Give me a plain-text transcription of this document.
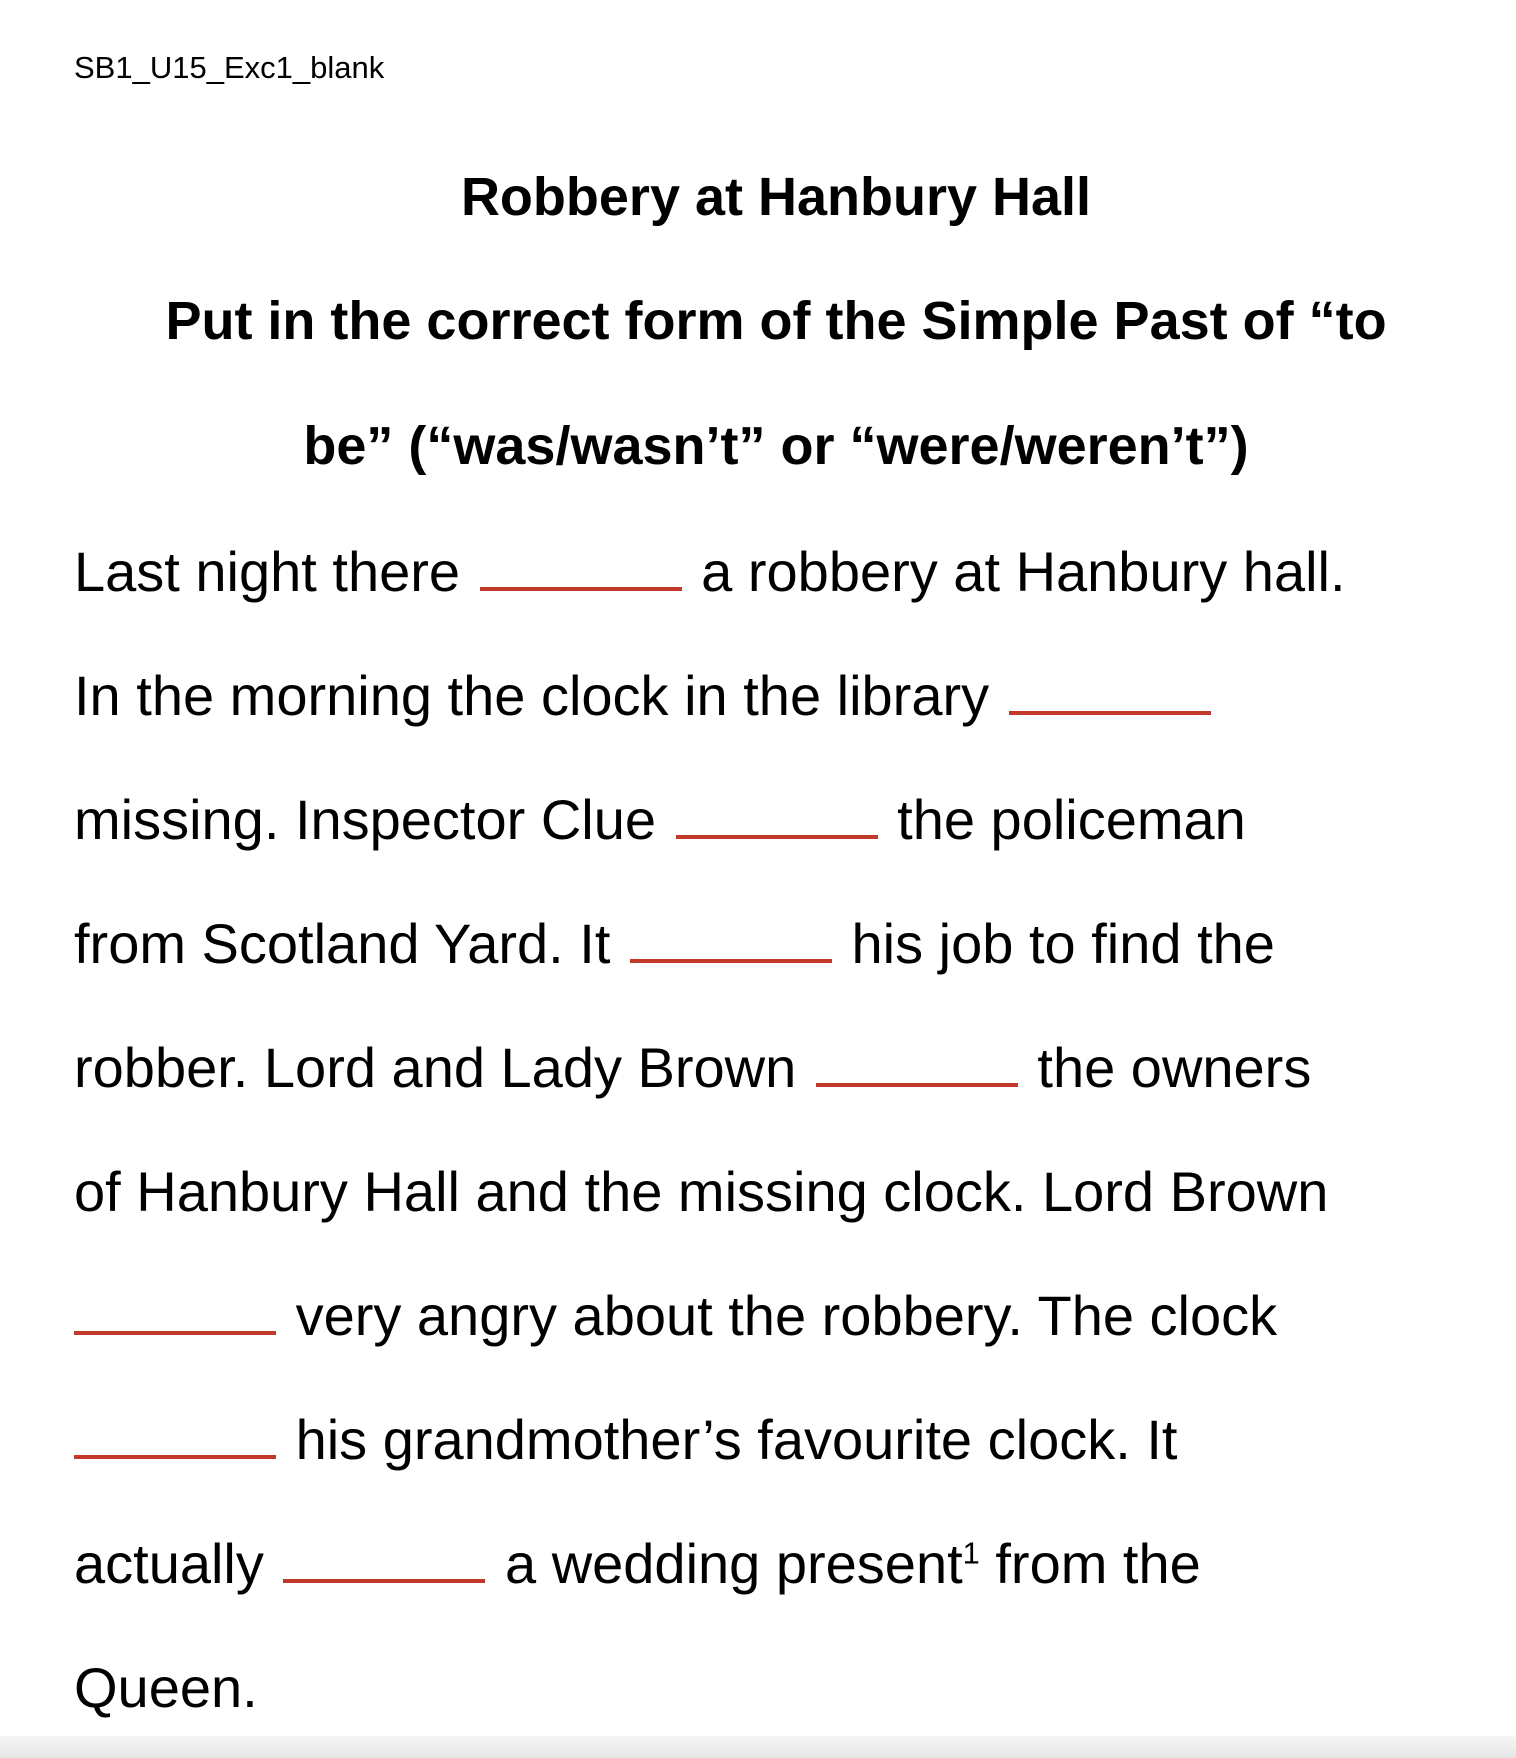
SB1_U15_Exc1_blank
Robbery at Hanbury Hall
Put in the correct form of the Simple Past of “to
be” (“was/wasn’t” or “were/weren’t”)
Last night there	a robbery at Hanbury hall.
In the morning the clock in the library
missing. Inspector Clue	the policeman
from Scotland Yard. It	his job to find the
robber. Lord and Lady Brown	the owners
of Hanbury Hall and the missing clock. Lord Brown
very angry about the robbery. The clock
his grandmother’s favourite clock. It
actually	a wedding present$^1$ from the
Queen.
